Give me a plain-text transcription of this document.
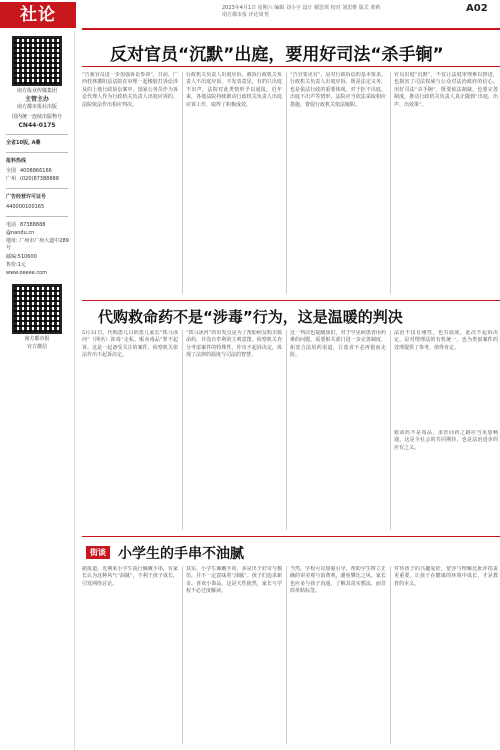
社论	2023年4月1日 星期六 编辑 刘小宇 设计 谢思琪 校对 刘思维 版式 黄莉
南方都市报 评论周刊
A02
南方报业传媒集团
主管主办
南方都市报社出版
国内统一连续出版物号
CN44-0175
全省10版, A叠
报料热线
全国 4008866166
广州 (020)87388888
广告经营许可证号
440000100165
电话 87388888
@nandu.cn
地址: 广州市广州大道中289号
邮编:510600
售价:1元
www.oeeee.com
南方都市报
官方微信
反对官员“沉默”出庭，要用好司法“杀手锏”
“告我官员进一步加强诉讼参训”，日前，广西桂林灌阳县法院在审理一起橡胶打诉讼涉及的上地行政诉讼案中，国家公务员作为诉讼代理人作为行政机关负责人出庭应诉的，法院依法作出相应判决。
行政机关负责人出庭应诉，被诉行政机关负责人不出庭应诉，不发表意见，有的只出庭不出声，法院对此类情形予以通报。近年来，各地法院持续推动行政机关负责人出庭应诉工作，取得了积极成效。
“告官要见官”，是对行政诉讼的基本要求。行政机关负责人出庭应诉，既是法定义务，也是依法行政的重要体现。对于拒不出庭、出庭不出声等情形，法院应当依法采取相应措施，督促行政机关依法履职。
官员出庭“沉默”，不仅让法庭审理难以推进，也损害了司法权威与公众对法治政府的信心。用好司法“杀手锏”，既要依法制裁，也要完善制度，推动行政机关负责人真正做到“出庭、出声、出效果”。
代购救命药不是“涉毒”行为，这是温暖的判决
5月31日，代购患儿白药患儿家长“铁马冰河”（网名）涉毒“走私、贩卖毒品”罪不起诉。这是一起备受关注的案件，检察机关依法作出不起诉决定。
“铁马冰河”的出发点是为了帮助病友购买救命药，并没有牟利的主观意图。检察机关充分考虑案件的特殊性，作出不起诉决定，体现了法律的温度与司法的智慧。
这一判决也提醒我们，对于罕见病患者用药难的问题，需要相关部门进一步完善制度，拓宽合法用药渠道，让患者不必再铤而走险。
法治不仅有刚性，也有温度。此次不起诉决定，是对情理法的有机统一，也为类似案件的处理提供了参考，值得肯定。
救命药不是毒品，求医问药之路应当更加畅通，这是全社会的共同期待，也是法治进步的应有之义。
街谈 小学生的手串不油腻
据报道，近期某小学生流行佩戴手串，有家长认为这种风气“油腻”，不利于孩子成长，引发网络讨论。
其实，小学生佩戴手串，多是出于好奇与模仿，并不一定意味着“油腻”。孩子们追求新奇、喜欢小饰品，这是天性使然，家长与学校不必过度解读。
当然，学校可以加强引导，帮助学生树立正确的审美观与消费观，避免攀比之风。家长也应多与孩子沟通，了解其真实想法，而非简单贴标签。
对待孩子的兴趣爱好，宽容与理解比批评指责更重要。让孩子在健康的环境中成长，才是教育的本义。
